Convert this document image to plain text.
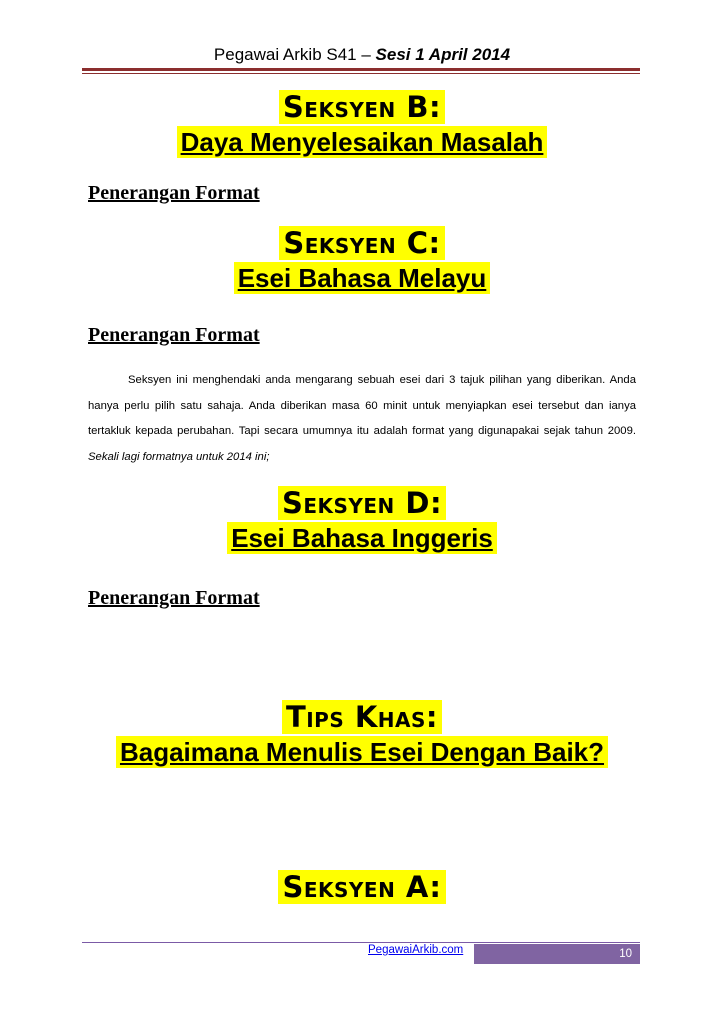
Pegawai Arkib S41 – Sesi 1 April 2014
Seksyen B:
Daya Menyelesaikan Masalah
Penerangan Format
Seksyen C:
Esei Bahasa Melayu
Penerangan Format
Seksyen ini menghendaki anda mengarang sebuah esei dari 3 tajuk pilihan yang diberikan. Anda hanya perlu pilih satu sahaja. Anda diberikan masa 60 minit untuk menyiapkan esei tersebut dan ianya tertakluk kepada perubahan. Tapi secara umumnya itu adalah format yang digunapakai sejak tahun 2009. Sekali lagi formatnya untuk 2014 ini;
Seksyen D:
Esei Bahasa Inggeris
Penerangan Format
Tips Khas:
Bagaimana Menulis Esei Dengan Baik?
Seksyen A:
PegawaiArkib.com	10
